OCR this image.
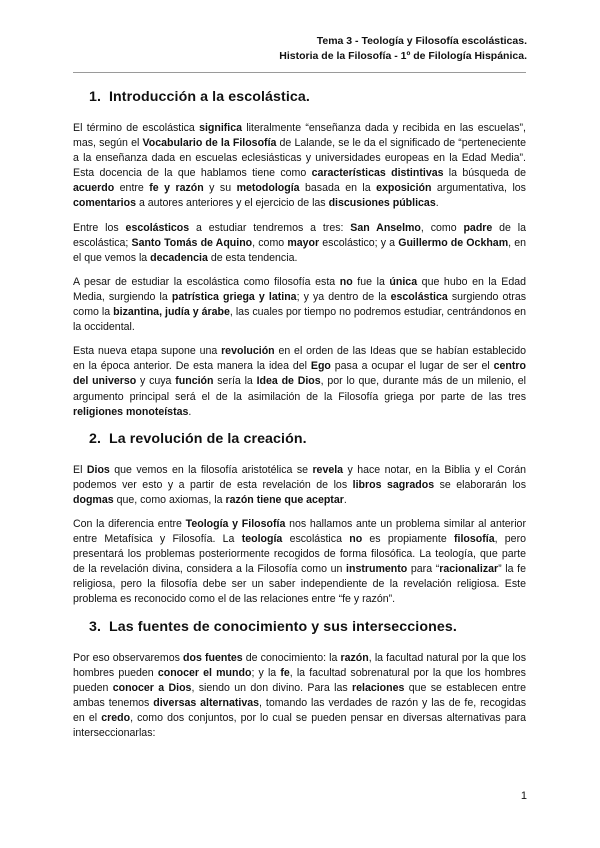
Tema 3 - Teología y Filosofía escolásticas.
Historia de la Filosofía - 1º de Filología Hispánica.
1. Introducción a la escolástica.

El término de escolástica significa literalmente “enseñanza dada y recibida en las escuelas”, mas, según el Vocabulario de la Filosofía de Lalande, se le da el significado de “perteneciente a la enseñanza dada en escuelas eclesiásticas y universidades europeas en la Edad Media”. Esta docencia de la que hablamos tiene como características distintivas la búsqueda de acuerdo entre fe y razón y su metodología basada en la exposición argumentativa, los comentarios a autores anteriores y el ejercicio de las discusiones públicas.

Entre los escolásticos a estudiar tendremos a tres: San Anselmo, como padre de la escolástica; Santo Tomás de Aquino, como mayor escolástico; y a Guillermo de Ockham, en el que vemos la decadencia de esta tendencia.

A pesar de estudiar la escolástica como filosofía esta no fue la única que hubo en la Edad Media, surgiendo la patrística griega y latina; y ya dentro de la escolástica surgiendo otras como la bizantina, judía y árabe, las cuales por tiempo no podremos estudiar, centrándonos en la occidental.

Esta nueva etapa supone una revolución en el orden de las Ideas que se habían establecido en la época anterior. De esta manera la idea del Ego pasa a ocupar el lugar de ser el centro del universo y cuya función sería la Idea de Dios, por lo que, durante más de un milenio, el argumento principal será el de la asimilación de la Filosofía griega por parte de las tres religiones monoteístas.

2. La revolución de la creación.

El Dios que vemos en la filosofía aristotélica se revela y hace notar, en la Biblia y el Corán podemos ver esto y a partir de esta revelación de los libros sagrados se elaborarán los dogmas que, como axiomas, la razón tiene que aceptar.

Con la diferencia entre Teología y Filosofía nos hallamos ante un problema similar al anterior entre Metafísica y Filosofía. La teología escolástica no es propiamente filosofía, pero presentará los problemas posteriormente recogidos de forma filosófica. La teología, que parte de la revelación divina, considera a la Filosofía como un instrumento para “racionalizar” la fe religiosa, pero la filosofía debe ser un saber independiente de la revelación religiosa. Este problema es reconocido como el de las relaciones entre “fe y razón”.

3. Las fuentes de conocimiento y sus intersecciones.

Por eso observaremos dos fuentes de conocimiento: la razón, la facultad natural por la que los hombres pueden conocer el mundo; y la fe, la facultad sobrenatural por la que los hombres pueden conocer a Dios, siendo un don divino. Para las relaciones que se establecen entre ambas tenemos diversas alternativas, tomando las verdades de razón y las de fe, recogidas en el credo, como dos conjuntos, por lo cual se pueden pensar en diversas alternativas para interseccionarlas:

1
